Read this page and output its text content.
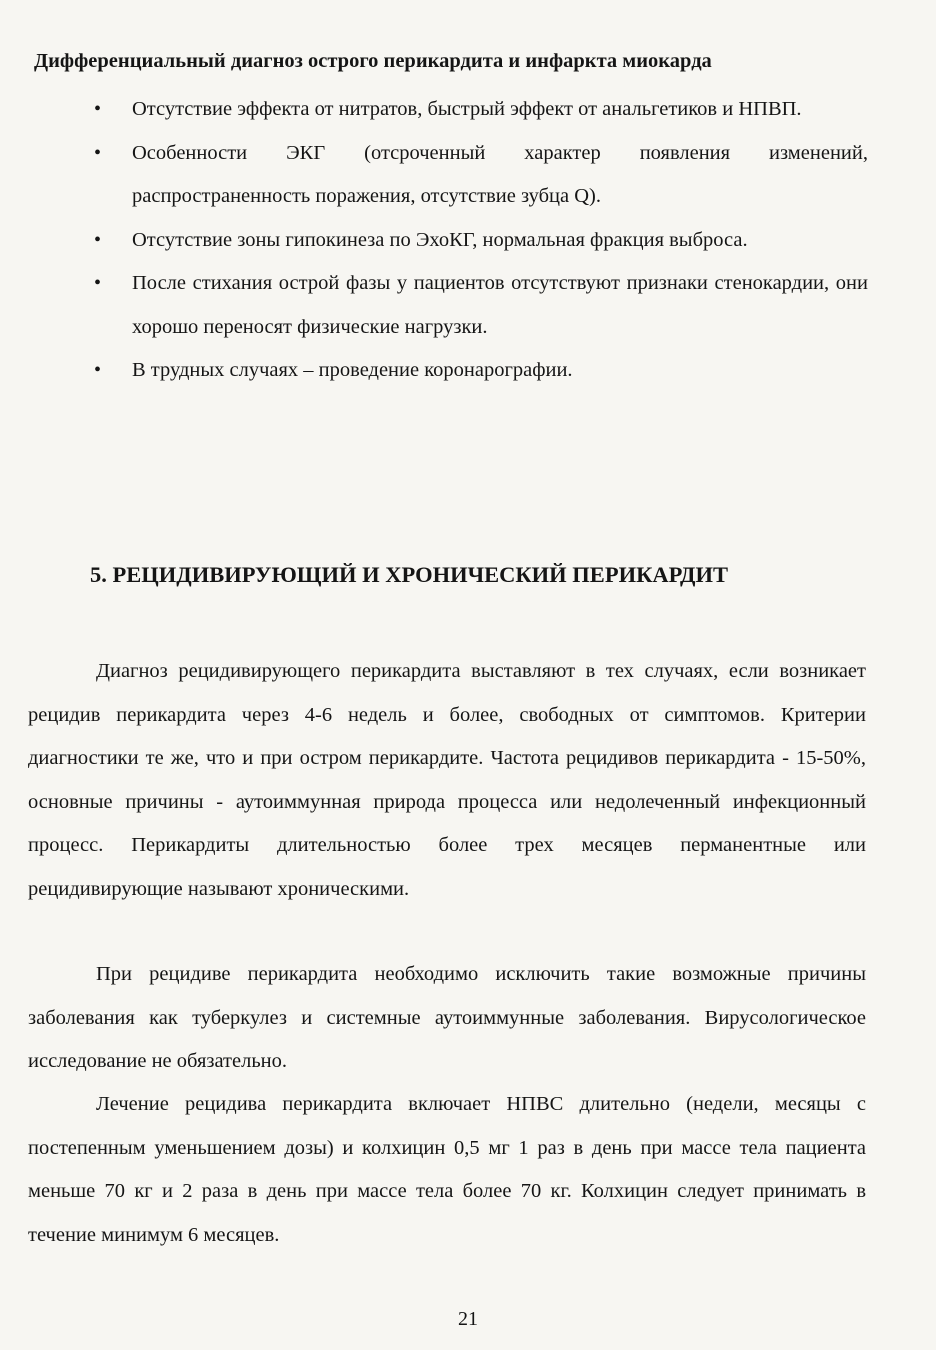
Дифференциальный диагноз острого перикардита и инфаркта миокарда
• Отсутствие эффекта от нитратов, быстрый эффект от анальгетиков и НПВП.
• Особенности ЭКГ (отсроченный характер появления изменений, распространенность поражения, отсутствие зубца Q).
• Отсутствие зоны гипокинеза по ЭхоКГ, нормальная фракция выброса.
• После стихания острой фазы у пациентов отсутствуют признаки стенокардии, они хорошо переносят физические нагрузки.
• В трудных случаях – проведение коронарографии.
5. РЕЦИДИВИРУЮЩИЙ И ХРОНИЧЕСКИЙ ПЕРИКАРДИТ

Диагноз рецидивирующего перикардита выставляют в тех случаях, если возникает рецидив перикардита через 4-6 недель и более, свободных от симптомов. Критерии диагностики те же, что и при остром перикардите. Частота рецидивов перикардита - 15-50%, основные причины - аутоиммунная природа процесса или недолеченный инфекционный процесс. Перикардиты длительностью более трех месяцев перманентные или рецидивирующие называют хроническими.

При рецидиве перикардита необходимо исключить такие возможные причины заболевания как туберкулез и системные аутоиммунные заболевания. Вирусологическое исследование не обязательно.

Лечение рецидива перикардита включает НПВС длительно (недели, месяцы с постепенным уменьшением дозы) и колхицин 0,5 мг 1 раз в день при массе тела пациента меньше 70 кг и 2 раза в день при массе тела более 70 кг. Колхицин следует принимать в течение минимум 6 месяцев.

21
